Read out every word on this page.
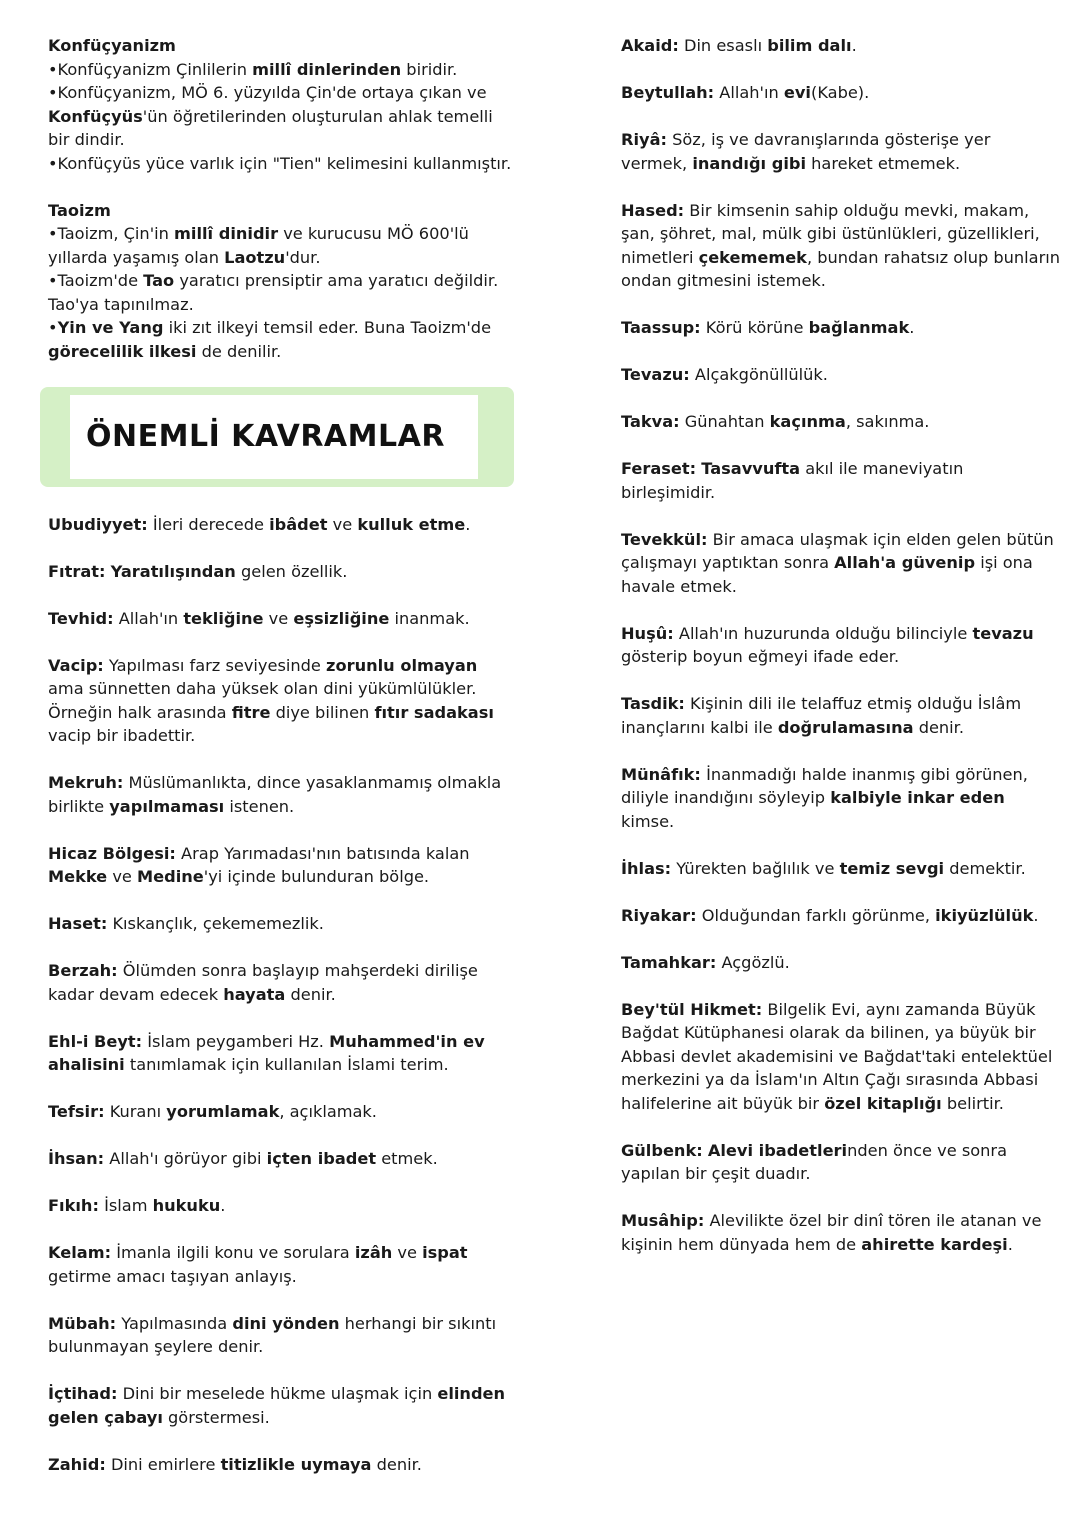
Konfüçyanizm

•Konfüçyanizm Çinlilerin millî dinlerinden biridir.

•Konfüçyanizm, MÖ 6. yüzyılda Çin'de ortaya çıkan ve Konfüçyüs'ün öğretilerinden oluşturulan ahlak temelli bir dindir.

•Konfüçyüs yüce varlık için "Tien" kelimesini kullanmıştır.

Taoizm

•Taoizm, Çin'in millî dinidir ve kurucusu MÖ 600'lü yıllarda yaşamış olan Laotzu'dur.

•Taoizm'de Tao yaratıcı prensiptir ama yaratıcı değildir. Tao'ya tapınılmaz.

•Yin ve Yang iki zıt ilkeyi temsil eder. Buna Taoizm'de görecelilik ilkesi de denilir.

ÖNEMLİ KAVRAMLAR

Ubudiyyet: İleri derecede ibâdet ve kulluk etme.

Fıtrat: Yaratılışından gelen özellik.

Tevhid: Allah'ın tekliğine ve eşsizliğine inanmak.

Vacip: Yapılması farz seviyesinde zorunlu olmayan ama sünnetten daha yüksek olan dini yükümlülükler. Örneğin halk arasında fitre diye bilinen fıtır sadakası vacip bir ibadettir.

Mekruh: Müslümanlıkta, dince yasaklanmamış olmakla birlikte yapılmaması istenen.

Hicaz Bölgesi: Arap Yarımadası'nın batısında kalan Mekke ve Medine'yi içinde bulunduran bölge.

Haset: Kıskançlık, çekememezlik.

Berzah: Ölümden sonra başlayıp mahşerdeki dirilişe kadar devam edecek hayata denir.

Ehl-i Beyt: İslam peygamberi Hz. Muhammed'in ev ahalisini tanımlamak için kullanılan İslami terim.

Tefsir: Kuranı yorumlamak, açıklamak.

İhsan: Allah'ı görüyor gibi içten ibadet etmek.

Fıkıh: İslam hukuku.

Kelam: İmanla ilgili konu ve sorulara izâh ve ispat getirme amacı taşıyan anlayış.

Mübah: Yapılmasında dini yönden herhangi bir sıkıntı bulunmayan şeylere denir.

İçtihad: Dini bir meselede hükme ulaşmak için elinden gelen çabayı görstermesi.

Zahid: Dini emirlere titizlikle uymaya denir.

Akaid: Din esaslı bilim dalı.

Beytullah: Allah'ın evi(Kabe).

Riyâ: Söz, iş ve davranışlarında gösterişe yer vermek, inandığı gibi hareket etmemek.

Hased: Bir kimsenin sahip olduğu mevki, makam, şan, şöhret, mal, mülk gibi üstünlükleri, güzellikleri, nimetleri çekememek, bundan rahatsız olup bunların ondan gitmesini istemek.

Taassup: Körü körüne bağlanmak.

Tevazu: Alçakgönüllülük.

Takva: Günahtan kaçınma, sakınma.

Feraset: Tasavvufta akıl ile maneviyatın birleşimidir.

Tevekkül: Bir amaca ulaşmak için elden gelen bütün çalışmayı yaptıktan sonra Allah'a güvenip işi ona havale etmek.

Huşû: Allah'ın huzurunda olduğu bilinciyle tevazu gösterip boyun eğmeyi ifade eder.

Tasdik: Kişinin dili ile telaffuz etmiş olduğu İslâm inançlarını kalbi ile doğrulamasına denir.

Münâfık: İnanmadığı halde inanmış gibi görünen, diliyle inandığını söyleyip kalbiyle inkar eden kimse.

İhlas: Yürekten bağlılık ve temiz sevgi demektir.

Riyakar: Olduğundan farklı görünme, ikiyüzlülük.

Tamahkar: Açgözlü.

Bey'tül Hikmet: Bilgelik Evi, aynı zamanda Büyük Bağdat Kütüphanesi olarak da bilinen, ya büyük bir Abbasi devlet akademisini ve Bağdat'taki entelektüel merkezini ya da İslam'ın Altın Çağı sırasında Abbasi halifelerine ait büyük bir özel kitaplığı belirtir.

Gülbenk: Alevi ibadetlerinden önce ve sonra yapılan bir çeşit duadır.

Musâhip: Alevilikte özel bir dinî tören ile atanan ve kişinin hem dünyada hem de ahirette kardeşi.
